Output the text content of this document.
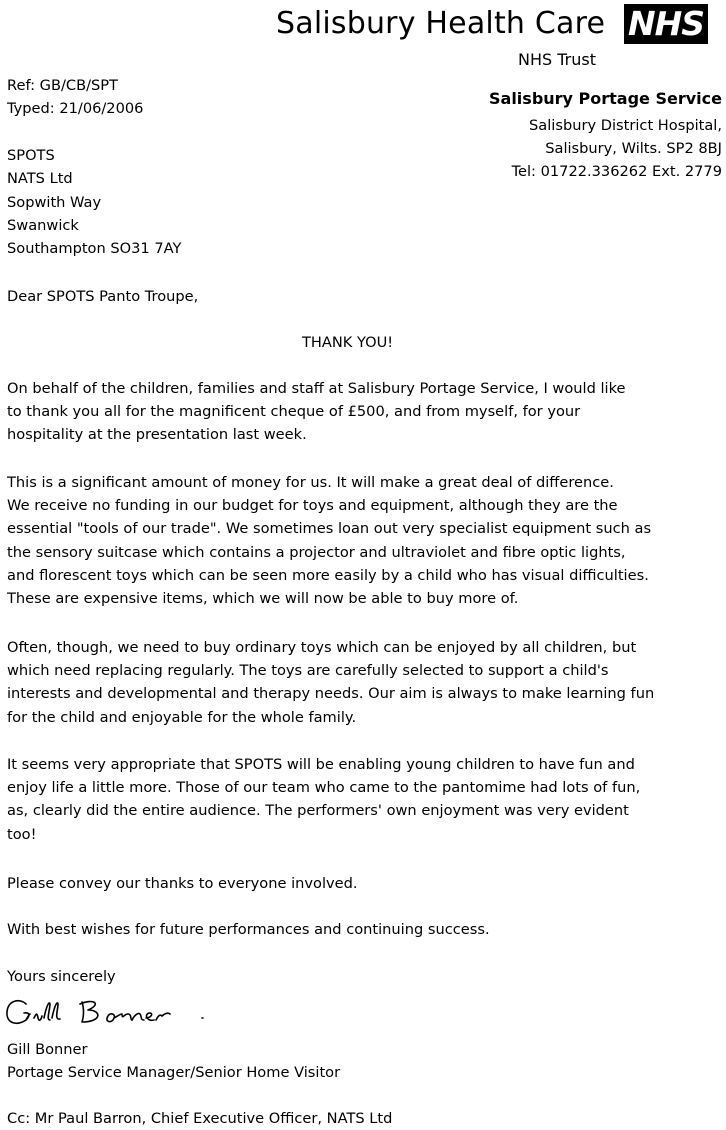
Salisbury Health Care NHS
NHS Trust
Ref: GB/CB/SPT
Typed: 21/06/2006
Salisbury Portage Service
Salisbury District Hospital,
Salisbury, Wilts. SP2 8BJ
Tel: 01722.336262 Ext. 2779
SPOTS
NATS Ltd
Sopwith Way
Swanwick
Southampton SO31 7AY
Dear SPOTS Panto Troupe,
THANK YOU!
On behalf of the children, families and staff at Salisbury Portage Service, I would like
to thank you all for the magnificent cheque of £500, and from myself, for your
hospitality at the presentation last week.
This is a significant amount of money for us. It will make a great deal of difference.
We receive no funding in our budget for toys and equipment, although they are the
essential "tools of our trade". We sometimes loan out very specialist equipment such as
the sensory suitcase which contains a projector and ultraviolet and fibre optic lights,
and florescent toys which can be seen more easily by a child who has visual difficulties.
These are expensive items, which we will now be able to buy more of.
Often, though, we need to buy ordinary toys which can be enjoyed by all children, but
which need replacing regularly. The toys are carefully selected to support a child's
interests and developmental and therapy needs. Our aim is always to make learning fun
for the child and enjoyable for the whole family.
It seems very appropriate that SPOTS will be enabling young children to have fun and
enjoy life a little more. Those of our team who came to the pantomime had lots of fun,
as, clearly did the entire audience. The performers' own enjoyment was very evident
too!
Please convey our thanks to everyone involved.
With best wishes for future performances and continuing success.
Yours sincerely
Gill Bonner
Portage Service Manager/Senior Home Visitor
Cc: Mr Paul Barron, Chief Executive Officer, NATS Ltd
